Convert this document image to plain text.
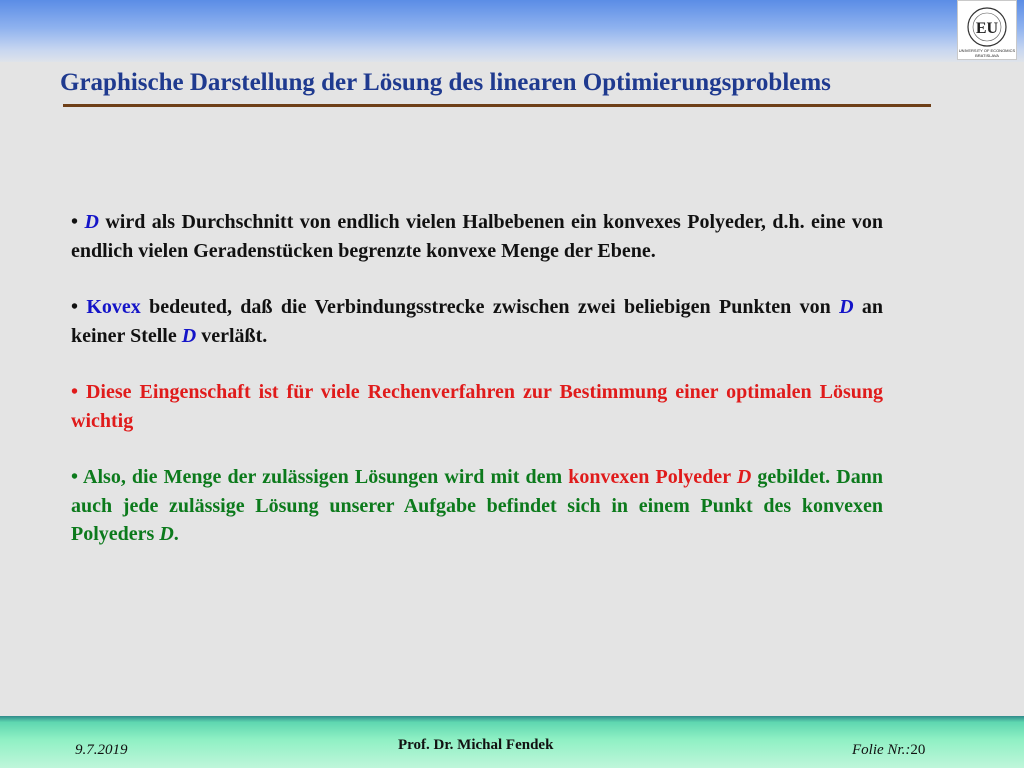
EU
UNIVERSITY OF ECONOMICS
BRATISLAVA
Graphische Darstellung der Lösung des linearen Optimierungsproblems

• D wird als Durchschnitt von endlich vielen Halbebenen ein konvexes Polyeder, d.h. eine von endlich vielen Geradenstücken begrenzte konvexe Menge der Ebene.

• Kovex bedeuted, daß die Verbindungsstrecke zwischen zwei beliebigen Punkten von D an keiner Stelle D verläßt.

• Diese Eingenschaft ist für viele Rechenverfahren zur Bestimmung einer optimalen Lösung wichtig

• Also, die Menge der zulässigen Lösungen wird mit dem konvexen Polyeder D gebildet. Dann auch jede zulässige Lösung unserer Aufgabe befindet sich in einem Punkt des konvexen Polyeders D.

9.7.2019	Prof. Dr. Michal Fendek	Folie Nr.:20
